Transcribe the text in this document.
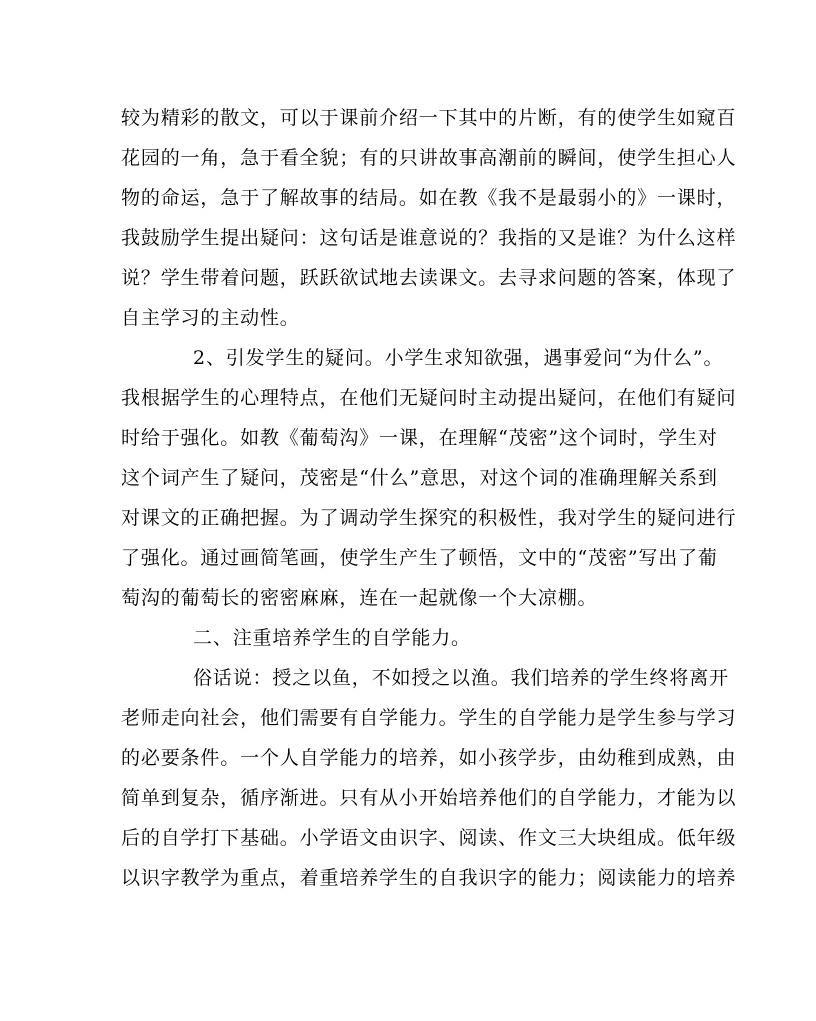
较为精彩的散文，可以于课前介绍一下其中的片断，有的使学生如窥百
花园的一角，急于看全貌；有的只讲故事高潮前的瞬间，使学生担心人
物的命运，急于了解故事的结局。如在教《我不是最弱小的》一课时，
我鼓励学生提出疑问：这句话是谁意说的？我指的又是谁？为什么这样
说？学生带着问题，跃跃欲试地去读课文。去寻求问题的答案，体现了
自主学习的主动性。
2、引发学生的疑问。小学生求知欲强，遇事爱问“为什么”。
我根据学生的心理特点，在他们无疑问时主动提出疑问，在他们有疑问
时给于强化。如教《葡萄沟》一课，在理解“茂密”这个词时，学生对
这个词产生了疑问，茂密是“什么”意思，对这个词的准确理解关系到
对课文的正确把握。为了调动学生探究的积极性，我对学生的疑问进行
了强化。通过画简笔画，使学生产生了顿悟，文中的“茂密”写出了葡
萄沟的葡萄长的密密麻麻，连在一起就像一个大凉棚。
二、注重培养学生的自学能力。
俗话说：授之以鱼，不如授之以渔。我们培养的学生终将离开
老师走向社会，他们需要有自学能力。学生的自学能力是学生参与学习
的必要条件。一个人自学能力的培养，如小孩学步，由幼稚到成熟，由
简单到复杂，循序渐进。只有从小开始培养他们的自学能力，才能为以
后的自学打下基础。小学语文由识字、阅读、作文三大块组成。低年级
以识字教学为重点，着重培养学生的自我识字的能力；阅读能力的培养
